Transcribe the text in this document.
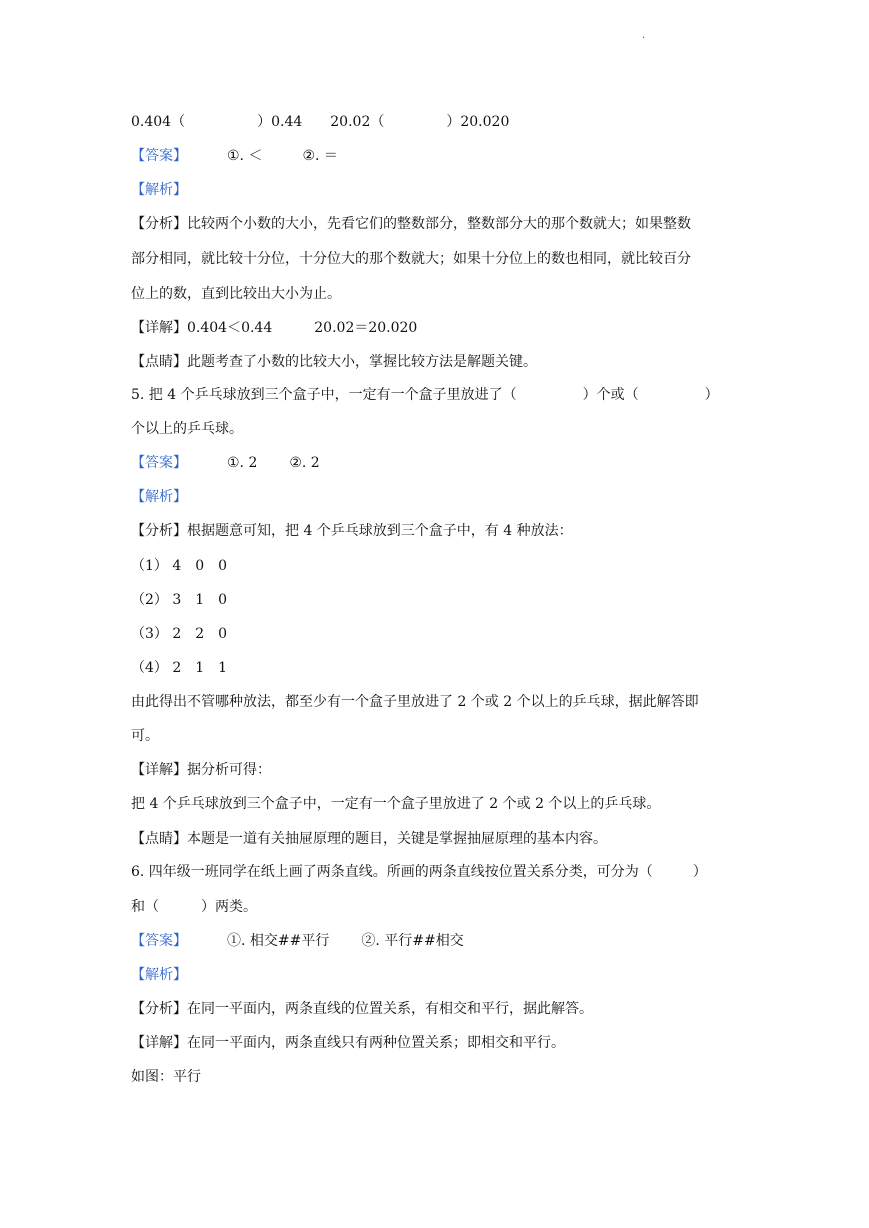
.
0.404（	）0.44 20.02（	）20.020
【答案】	①. ＜	②. ＝
【解析】
【分析】比较两个小数的大小，先看它们的整数部分，整数部分大的那个数就大；如果整数
部分相同，就比较十分位，十分位大的那个数就大；如果十分位上的数也相同，就比较百分
位上的数，直到比较出大小为止。
【详解】0.404＜0.44	20.02＝20.020
【点睛】此题考查了小数的比较大小，掌握比较方法是解题关键。
5. 把 4 个乒乓球放到三个盒子中，一定有一个盒子里放进了（	）个或（	）
个以上的乒乓球。
【答案】	①. 2 ②. 2
【解析】
【分析】根据题意可知，把 4 个乒乓球放到三个盒子中，有 4 种放法：
（1） 4　0　0
（2） 3　1　0
（3） 2　2　0
（4） 2　1　1
由此得出不管哪种放法，都至少有一个盒子里放进了 2 个或 2 个以上的乒乓球，据此解答即
可。
【详解】据分析可得：
把 4 个乒乓球放到三个盒子中，一定有一个盒子里放进了 2 个或 2 个以上的乒乓球。
【点睛】本题是一道有关抽屉原理的题目，关键是掌握抽屉原理的基本内容。
6. 四年级一班同学在纸上画了两条直线。所画的两条直线按位置关系分类，可分为（	）
和（	）两类。
【答案】	①. 相交##平行 ②. 平行##相交
【解析】
【分析】在同一平面内，两条直线的位置关系，有相交和平行，据此解答。
【详解】在同一平面内，两条直线只有两种位置关系；即相交和平行。
如图：平行
